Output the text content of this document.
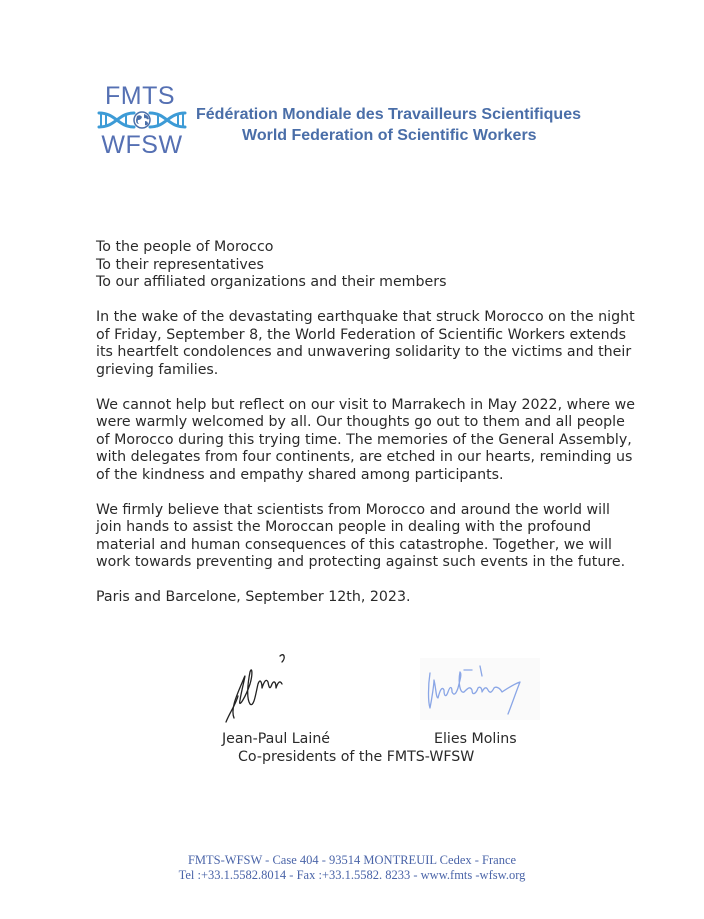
FMTS
WFSW
Fédération Mondiale des Travailleurs Scientifiques
World Federation of Scientific Workers

To the people of Morocco

To their representatives

To our affiliated organizations and their members

In the wake of the devastating earthquake that struck Morocco on the night of Friday, September 8, the World Federation of Scientific Workers extends its heartfelt condolences and unwavering solidarity to the victims and their grieving families.

We cannot help but reflect on our visit to Marrakech in May 2022, where we were warmly welcomed by all. Our thoughts go out to them and all people of Morocco during this trying time. The memories of the General Assembly, with delegates from four continents, are etched in our hearts, reminding us of the kindness and empathy shared among participants.

We firmly believe that scientists from Morocco and around the world will join hands to assist the Moroccan people in dealing with the profound material and human consequences of this catastrophe. Together, we will work towards preventing and protecting against such events in the future.

Paris and Barcelone, September 12th, 2023.

Jean-Paul Lainé	Elies Molins
Co-presidents of the FMTS-WFSW
FMTS-WFSW - Case 404 - 93514 MONTREUIL Cedex - France
Tel :+33.1.5582.8014 - Fax :+33.1.5582. 8233 - www.fmts -wfsw.org
